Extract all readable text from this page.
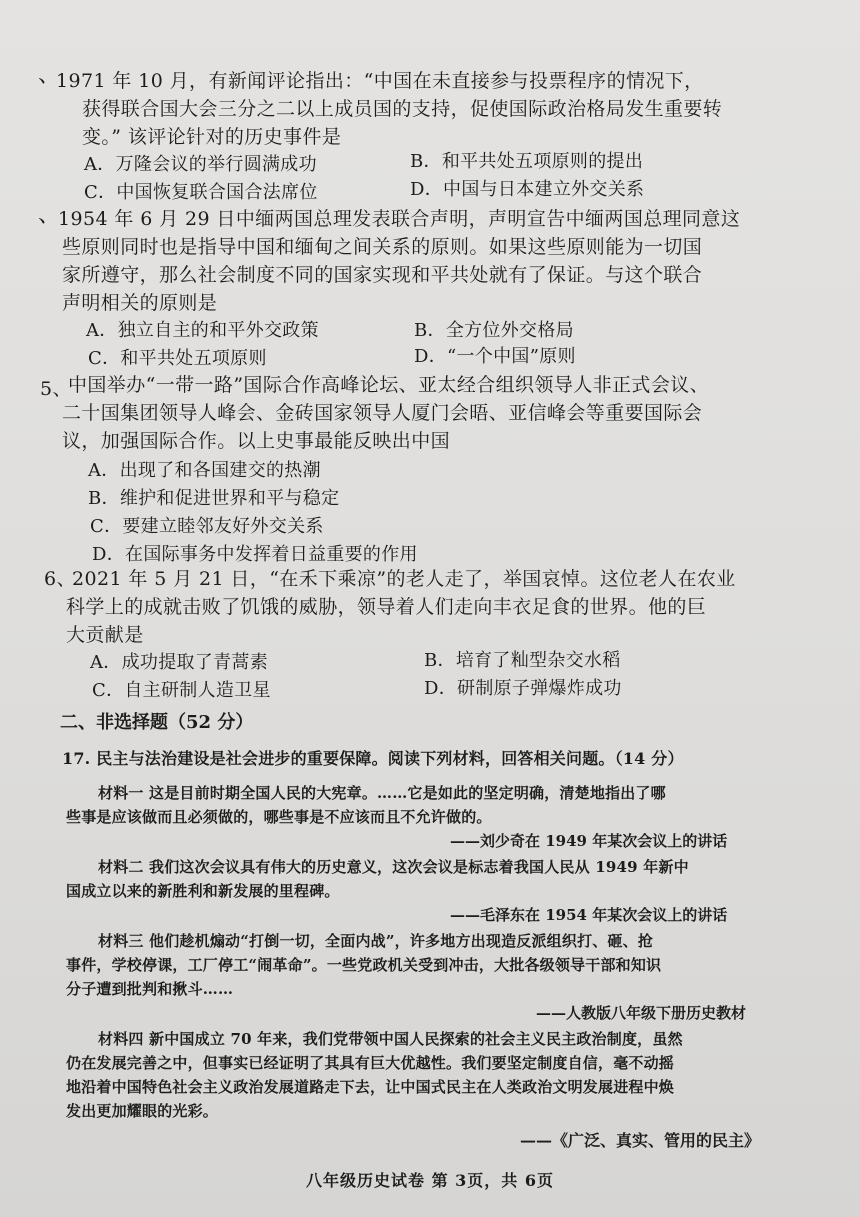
、
1971 年 10 月，有新闻评论指出：“中国在未直接参与投票程序的情况下，
获得联合国大会三分之二以上成员国的支持，促使国际政治格局发生重要转
变。” 该评论针对的历史事件是
A．万隆会议的举行圆满成功	B．和平共处五项原则的提出
C．中国恢复联合国合法席位	D．中国与日本建立外交关系
、
1954 年 6 月 29 日中缅两国总理发表联合声明，声明宣告中缅两国总理同意这
些原则同时也是指导中国和缅甸之间关系的原则。如果这些原则能为一切国
家所遵守，那么社会制度不同的国家实现和平共处就有了保证。与这个联合
声明相关的原则是
A．独立自主的和平外交政策	B．全方位外交格局
C．和平共处五项原则	D．“一个中国”原则
5、
中国举办“一带一路”国际合作高峰论坛、亚太经合组织领导人非正式会议、
二十国集团领导人峰会、金砖国家领导人厦门会晤、亚信峰会等重要国际会
议，加强国际合作。以上史事最能反映出中国
A．出现了和各国建交的热潮
B．维护和促进世界和平与稳定
C．要建立睦邻友好外交关系
D．在国际事务中发挥着日益重要的作用
6、
2021 年 5 月 21 日，“在禾下乘凉”的老人走了，举国哀悼。这位老人在农业
科学上的成就击败了饥饿的威胁，领导着人们走向丰衣足食的世界。他的巨
大贡献是
A．成功提取了青蒿素	B．培育了籼型杂交水稻
C．自主研制人造卫星	D．研制原子弹爆炸成功
二、非选择题（52 分）
17. 民主与法治建设是社会进步的重要保障。阅读下列材料，回答相关问题。（14 分）
材料一 这是目前时期全国人民的大宪章。……它是如此的坚定明确，清楚地指出了哪
些事是应该做而且必须做的，哪些事是不应该而且不允许做的。
——刘少奇在 1949 年某次会议上的讲话
材料二 我们这次会议具有伟大的历史意义，这次会议是标志着我国人民从 1949 年新中
国成立以来的新胜利和新发展的里程碑。
——毛泽东在 1954 年某次会议上的讲话
材料三 他们趁机煽动“打倒一切，全面内战”，许多地方出现造反派组织打、砸、抢
事件，学校停课，工厂停工“闹革命”。一些党政机关受到冲击，大批各级领导干部和知识
分子遭到批判和揪斗……
——人教版八年级下册历史教材
材料四 新中国成立 70 年来，我们党带领中国人民探索的社会主义民主政治制度，虽然
仍在发展完善之中，但事实已经证明了其具有巨大优越性。我们要坚定制度自信，毫不动摇
地沿着中国特色社会主义政治发展道路走下去，让中国式民主在人类政治文明发展进程中焕
发出更加耀眼的光彩。
——《广泛、真实、管用的民主》
八年级历史试卷 第 3页，共 6页
